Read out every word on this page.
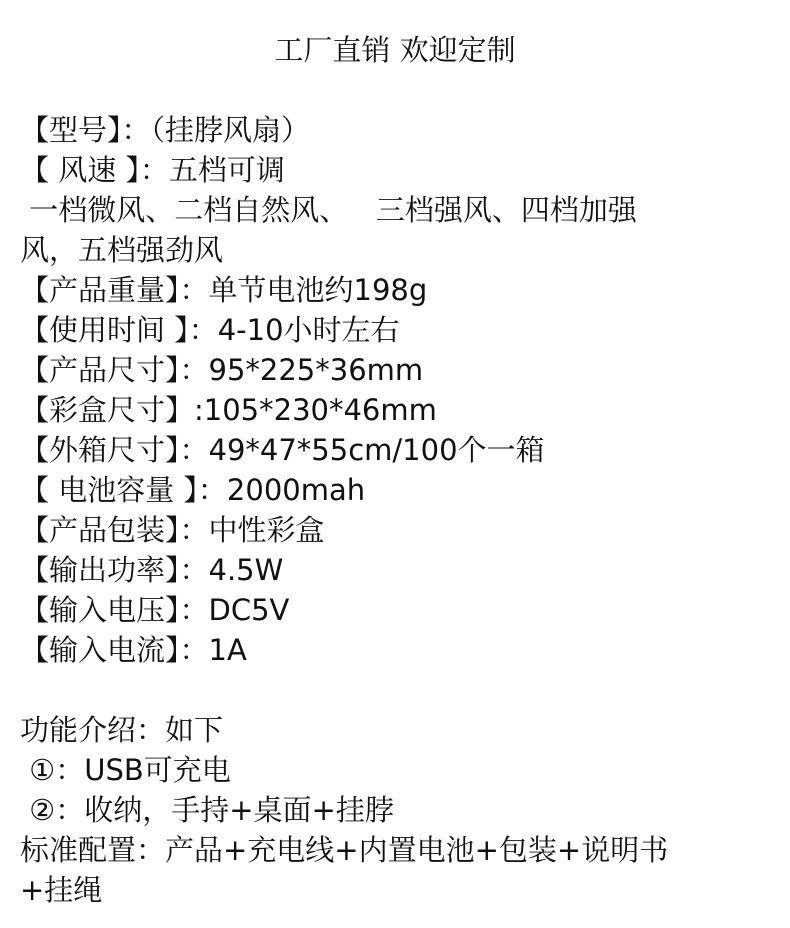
工厂直销 欢迎定制
【型号】：（挂脖风扇）
【 风速 】：五档可调
一档微风、二档自然风、   三档强风、四档加强
风，五档强劲风
【产品重量】：单节电池约198g
【使用时间 】：4-10小时左右
【产品尺寸】：95*225*36mm
【彩盒尺寸】:105*230*46mm
【外箱尺寸】：49*47*55cm/100个一箱
【 电池容量 】：2000mah
【产品包装】：中性彩盒
【输出功率】：4.5W
【输入电压】：DC5V
【输入电流】：1A
功能介绍：如下
①：USB可充电
②：收纳，手持+桌面+挂脖
标准配置：产品+充电线+内置电池+包装+说明书
+挂绳
